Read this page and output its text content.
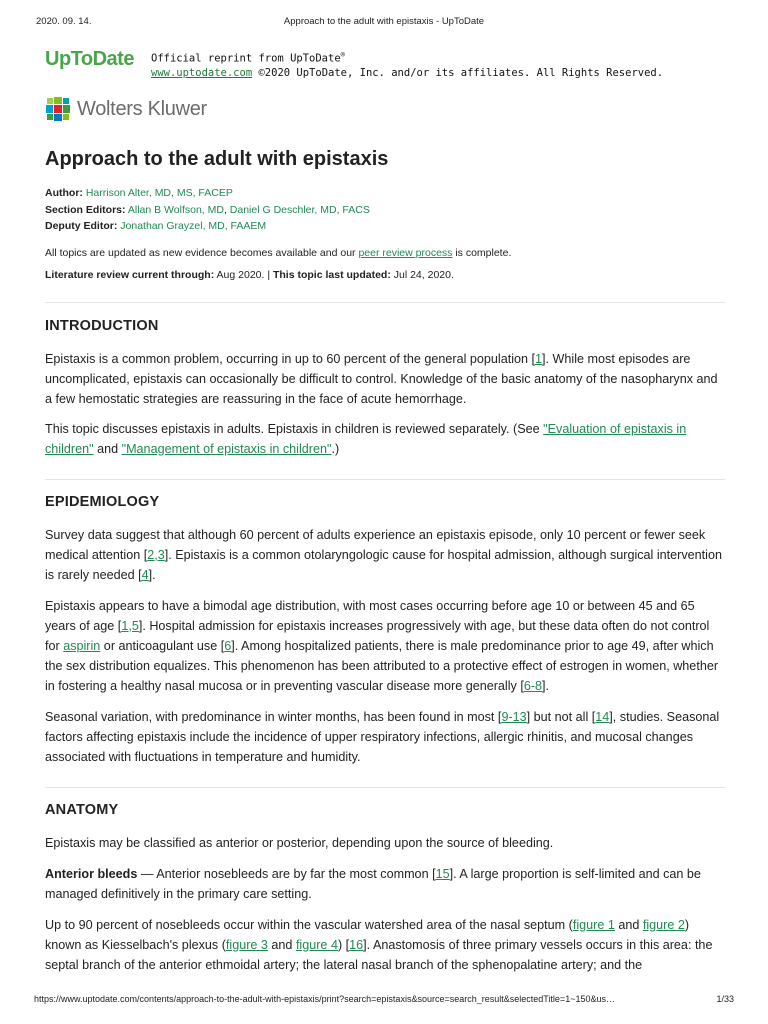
2020. 09. 14.	Approach to the adult with epistaxis - UpToDate
UpToDate	Official reprint from UpToDate®
www.uptodate.com ©2020 UpToDate, Inc. and/or its affiliates. All Rights Reserved.
Wolters Kluwer
Approach to the adult with epistaxis
Author: Harrison Alter, MD, MS, FACEP
Section Editors: Allan B Wolfson, MD, Daniel G Deschler, MD, FACS
Deputy Editor: Jonathan Grayzel, MD, FAAEM
All topics are updated as new evidence becomes available and our peer review process is complete.
Literature review current through: Aug 2020. | This topic last updated: Jul 24, 2020.
INTRODUCTION

Epistaxis is a common problem, occurring in up to 60 percent of the general population [1]. While most episodes are uncomplicated, epistaxis can occasionally be difficult to control. Knowledge of the basic anatomy of the nasopharynx and a few hemostatic strategies are reassuring in the face of acute hemorrhage.

This topic discusses epistaxis in adults. Epistaxis in children is reviewed separately. (See "Evaluation of epistaxis in children" and "Management of epistaxis in children".)

EPIDEMIOLOGY

Survey data suggest that although 60 percent of adults experience an epistaxis episode, only 10 percent or fewer seek medical attention [2,3]. Epistaxis is a common otolaryngologic cause for hospital admission, although surgical intervention is rarely needed [4].

Epistaxis appears to have a bimodal age distribution, with most cases occurring before age 10 or between 45 and 65 years of age [1,5]. Hospital admission for epistaxis increases progressively with age, but these data often do not control for aspirin or anticoagulant use [6]. Among hospitalized patients, there is male predominance prior to age 49, after which the sex distribution equalizes. This phenomenon has been attributed to a protective effect of estrogen in women, whether in fostering a healthy nasal mucosa or in preventing vascular disease more generally [6-8].

Seasonal variation, with predominance in winter months, has been found in most [9-13] but not all [14], studies. Seasonal factors affecting epistaxis include the incidence of upper respiratory infections, allergic rhinitis, and mucosal changes associated with fluctuations in temperature and humidity.

ANATOMY

Epistaxis may be classified as anterior or posterior, depending upon the source of bleeding.

Anterior bleeds — Anterior nosebleeds are by far the most common [15]. A large proportion is self-limited and can be managed definitively in the primary care setting.

Up to 90 percent of nosebleeds occur within the vascular watershed area of the nasal septum (figure 1 and figure 2) known as Kiesselbach's plexus (figure 3 and figure 4) [16]. Anastomosis of three primary vessels occurs in this area: the septal branch of the anterior ethmoidal artery; the lateral nasal branch of the sphenopalatine artery; and the

https://www.uptodate.com/contents/approach-to-the-adult-with-epistaxis/print?search=epistaxis&source=search_result&selectedTitle=1~150&us…	1/33
